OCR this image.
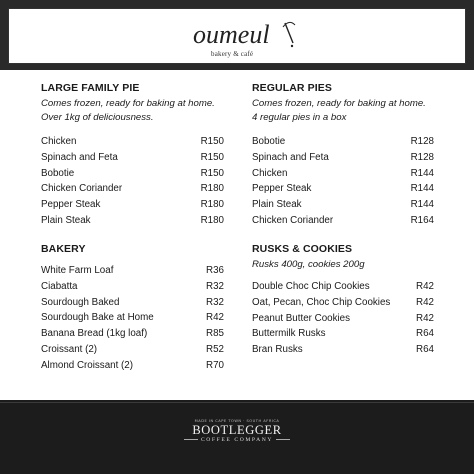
oumeul
bakery & café
LARGE FAMILY PIE
Comes frozen, ready for baking at home.
Over 1kg of deliciousness.
Chicken	R150
Spinach and Feta	R150
Bobotie	R150
Chicken Coriander	R180
Pepper Steak	R180
Plain Steak	R180
REGULAR PIES
Comes frozen, ready for baking at home.
4 regular pies in a box
Bobotie	R128
Spinach and Feta	R128
Chicken	R144
Pepper Steak	R144
Plain Steak	R144
Chicken Coriander	R164
BAKERY
White Farm Loaf	R36
Ciabatta	R32
Sourdough Baked	R32
Sourdough Bake at Home	R42
Banana Bread (1kg loaf)	R85
Croissant (2)	R52
Almond Croissant (2)	R70
RUSKS & COOKIES
Rusks 400g, cookies 200g
Double Choc Chip Cookies	R42
Oat, Pecan, Choc Chip Cookies	R42
Peanut Butter Cookies	R42
Buttermilk Rusks	R64
Bran Rusks	R64
MADE IN CAPE TOWN · SOUTH AFRICA
BOOTLEGGER
COFFEE COMPANY
